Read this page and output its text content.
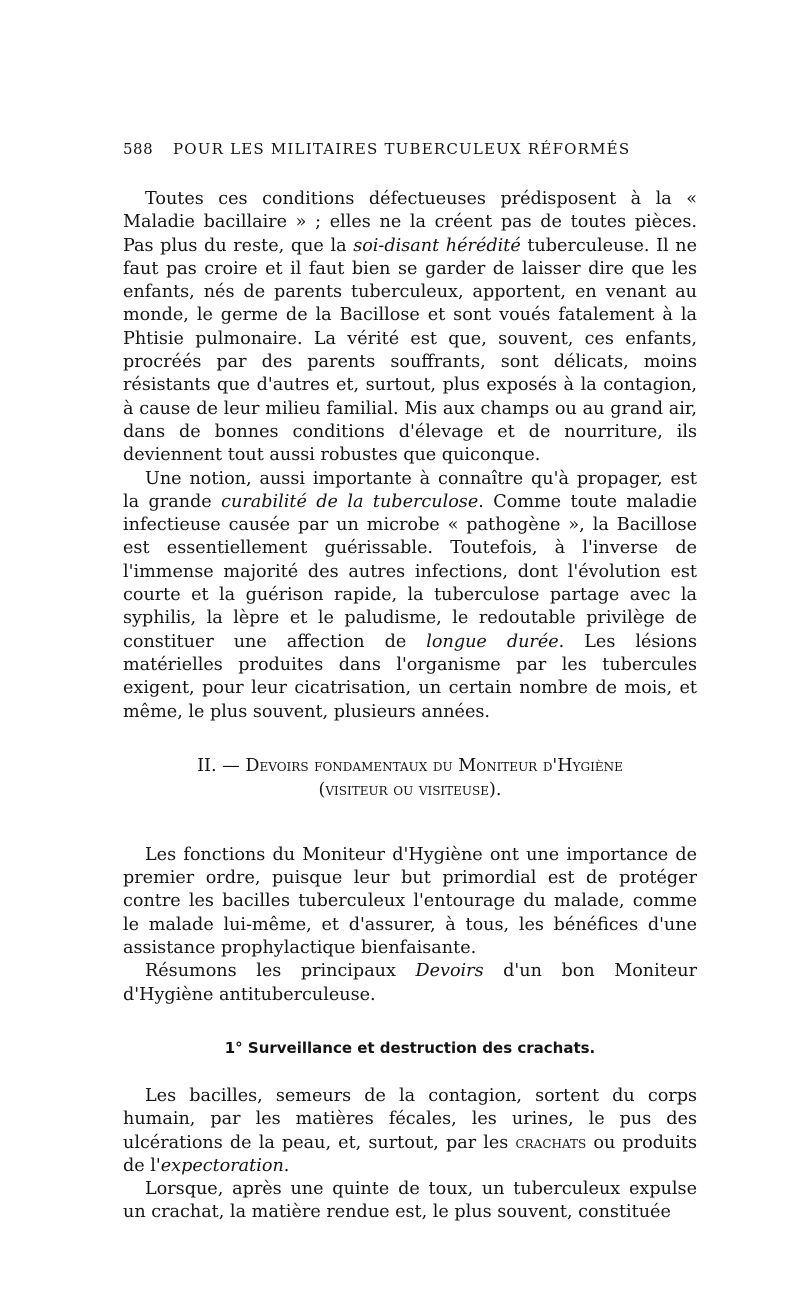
588	POUR LES MILITAIRES TUBERCULEUX RÉFORMÉS

Toutes ces conditions défectueuses prédisposent à la « Maladie bacillaire » ; elles ne la créent pas de toutes pièces. Pas plus du reste, que la soi-disant hérédité tuberculeuse. Il ne faut pas croire et il faut bien se garder de laisser dire que les enfants, nés de parents tuberculeux, apportent, en venant au monde, le germe de la Bacillose et sont voués fatalement à la Phtisie pulmonaire. La vérité est que, souvent, ces enfants, procréés par des parents souffrants, sont délicats, moins résistants que d'autres et, surtout, plus exposés à la contagion, à cause de leur milieu familial. Mis aux champs ou au grand air, dans de bonnes conditions d'élevage et de nourriture, ils deviennent tout aussi robustes que quiconque.

Une notion, aussi importante à connaître qu'à propager, est la grande curabilité de la tuberculose. Comme toute maladie infectieuse causée par un microbe « pathogène », la Bacillose est essentiellement guérissable. Toutefois, à l'inverse de l'immense majorité des autres infections, dont l'évolution est courte et la guérison rapide, la tuberculose partage avec la syphilis, la lèpre et le paludisme, le redoutable privilège de constituer une affection de longue durée. Les lésions matérielles produites dans l'organisme par les tubercules exigent, pour leur cicatrisation, un certain nombre de mois, et même, le plus souvent, plusieurs années.

II. — Devoirs fondamentaux du Moniteur d'Hygiène
(visiteur ou visiteuse).

Les fonctions du Moniteur d'Hygiène ont une importance de premier ordre, puisque leur but primordial est de protéger contre les bacilles tuberculeux l'entourage du malade, comme le malade lui-même, et d'assurer, à tous, les bénéfices d'une assistance prophylactique bienfaisante.

Résumons les principaux Devoirs d'un bon Moniteur d'Hygiène antituberculeuse.

1° Surveillance et destruction des crachats.

Les bacilles, semeurs de la contagion, sortent du corps humain, par les matières fécales, les urines, le pus des ulcérations de la peau, et, surtout, par les crachats ou produits de l'expectoration.

Lorsque, après une quinte de toux, un tuberculeux expulse un crachat, la matière rendue est, le plus souvent, constituée
